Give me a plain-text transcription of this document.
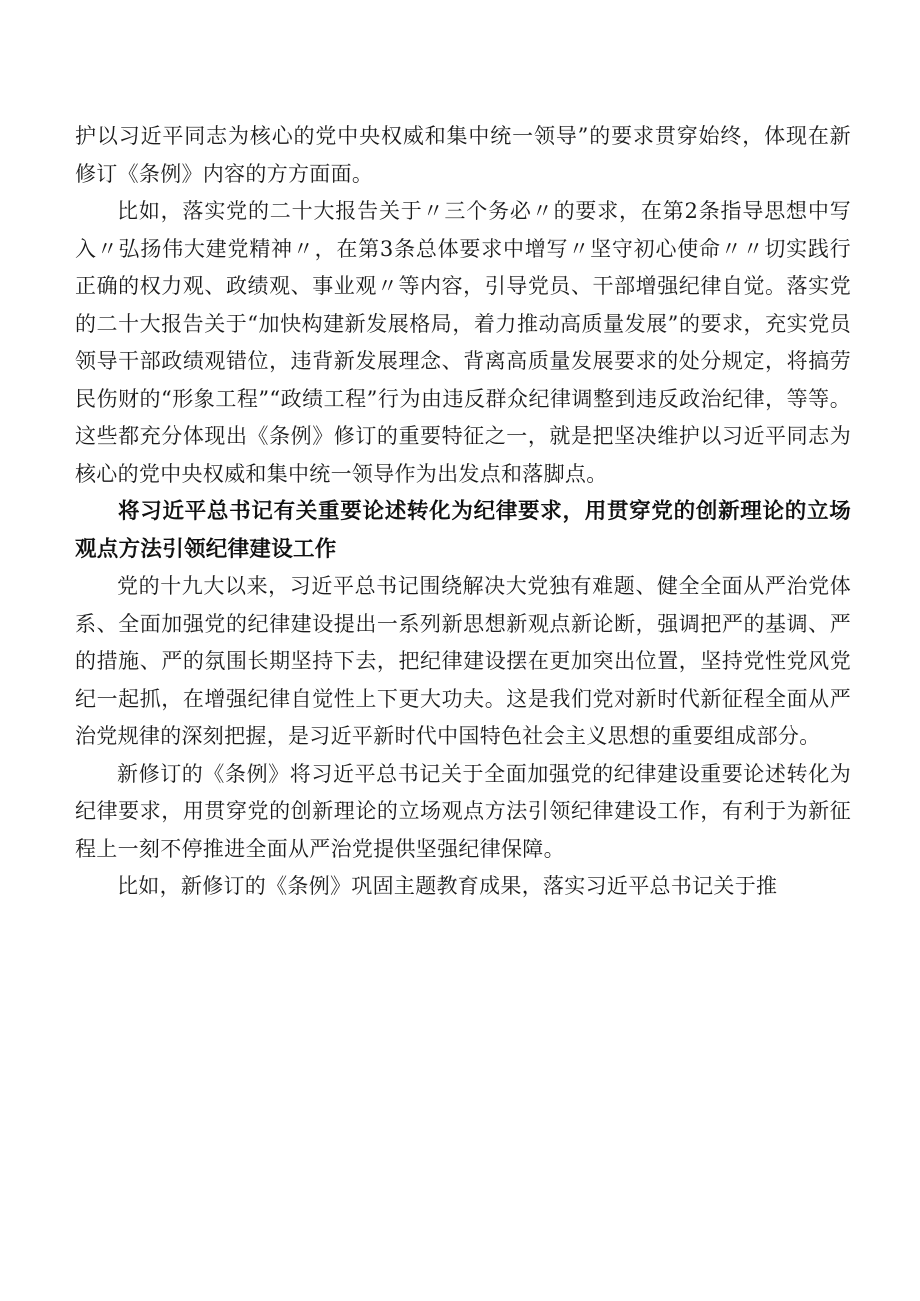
护以习近平同志为核心的党中央权威和集中统一领导”的要求贯穿始终，体现在新修订《条例》内容的方方面面。

比如，落实党的二十大报告关于〃三个务必〃的要求，在第2条指导思想中写入〃弘扬伟大建党精神〃，在第3条总体要求中增写〃坚守初心使命〃〃切实践行正确的权力观、政绩观、事业观〃等内容，引导党员、干部增强纪律自觉。落实党的二十大报告关于“加快构建新发展格局，着力推动高质量发展”的要求，充实党员领导干部政绩观错位，违背新发展理念、背离高质量发展要求的处分规定，将搞劳民伤财的“形象工程”“政绩工程”行为由违反群众纪律调整到违反政治纪律，等等。这些都充分体现出《条例》修订的重要特征之一，就是把坚决维护以习近平同志为核心的党中央权威和集中统一领导作为出发点和落脚点。

将习近平总书记有关重要论述转化为纪律要求，用贯穿党的创新理论的立场观点方法引领纪律建设工作

党的十九大以来，习近平总书记围绕解决大党独有难题、健全全面从严治党体系、全面加强党的纪律建设提出一系列新思想新观点新论断，强调把严的基调、严的措施、严的氛围长期坚持下去，把纪律建设摆在更加突出位置，坚持党性党风党纪一起抓，在增强纪律自觉性上下更大功夫。这是我们党对新时代新征程全面从严治党规律的深刻把握，是习近平新时代中国特色社会主义思想的重要组成部分。

新修订的《条例》将习近平总书记关于全面加强党的纪律建设重要论述转化为纪律要求，用贯穿党的创新理论的立场观点方法引领纪律建设工作，有利于为新征程上一刻不停推进全面从严治党提供坚强纪律保障。

比如，新修订的《条例》巩固主题教育成果，落实习近平总书记关于推
